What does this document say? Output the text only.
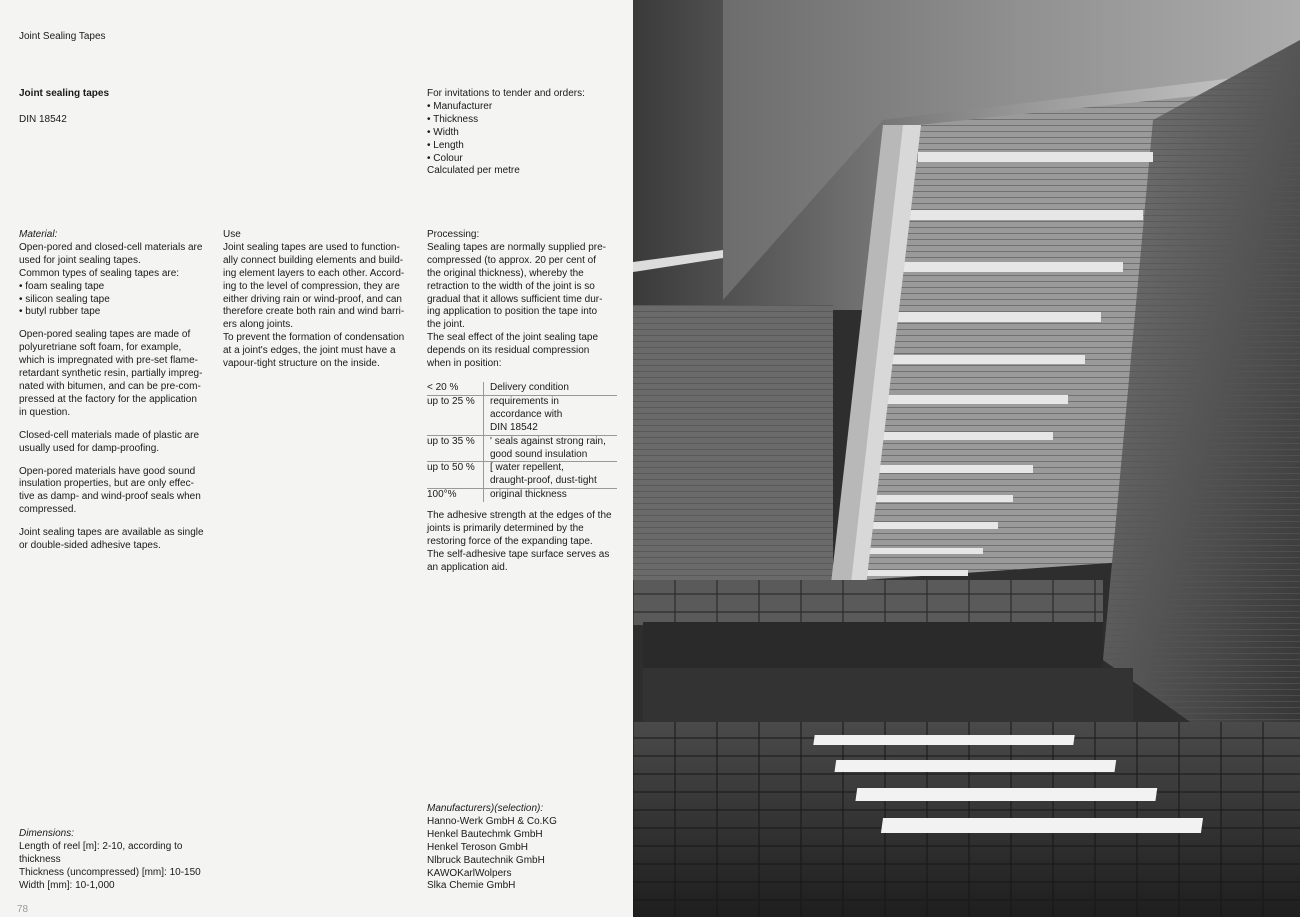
Joint Sealing Tapes
Joint sealing tapes
DIN 18542
For invitations to tender and orders:
• Manufacturer
• Thickness
• Width
• Length
• Colour
Calculated per metre
Material:
Open-pored and closed-cell materials are
used for joint sealing tapes.
Common types of sealing tapes are:
• foam sealing tape
• silicon sealing tape
• butyl rubber tape
Open-pored sealing tapes are made of
polyuretriane soft foam, for example,
which is impregnated with pre-set flame-
retardant synthetic resin, partially impreg-
nated with bitumen, and can be pre-com-
pressed at the factory for the application
in question.
Closed-cell materials made of plastic are
usually used for damp-proofing.
Open-pored materials have good sound
insulation properties, but are only effec-
tive as damp- and wind-proof seals when
compressed.
Joint sealing tapes are available as single
or double-sided adhesive tapes.
Use
Joint sealing tapes are used to function-
ally connect building elements and build-
ing element layers to each other. Accord-
ing to the level of compression, they are
either driving rain or wind-proof, and can
therefore create both rain and wind barri-
ers along joints.
To prevent the formation of condensation
at a joint's edges, the joint must have a
vapour-tight structure on the inside.
Processing:
Sealing tapes are normally supplied pre-
compressed (to approx. 20 per cent of
the original thickness), whereby the
retraction to the width of the joint is so
gradual that it allows sufficient time dur-
ing application to position the tape into
the joint.
The seal effect of the joint sealing tape
depends on its residual compression
when in position:
< 20 %	Delivery condition

up to 25 %	requirements in
accordance with
DIN 18542

up to 35 %	' seals against strong rain,
good sound insulation

up to 50 %	[ water repellent,
draught-proof, dust-tight

100°%	original thickness
The adhesive strength at the edges of the
joints is primarily determined by the
restoring force of the expanding tape.
The self-adhesive tape surface serves as
an application aid.
Manufacturers)(selection):
Hanno-Werk GmbH & Co.KG
Henkel Bautechmk GmbH
Henkel Teroson GmbH
Nlbruck Bautechnik GmbH
KAWOKarlWolpers
Slka Chemie GmbH
Dimensions:
Length of reel [m]: 2-10, according to
thickness
Thickness (uncompressed) [mm]: 10-150
Width [mm]: 10-1,000
78
